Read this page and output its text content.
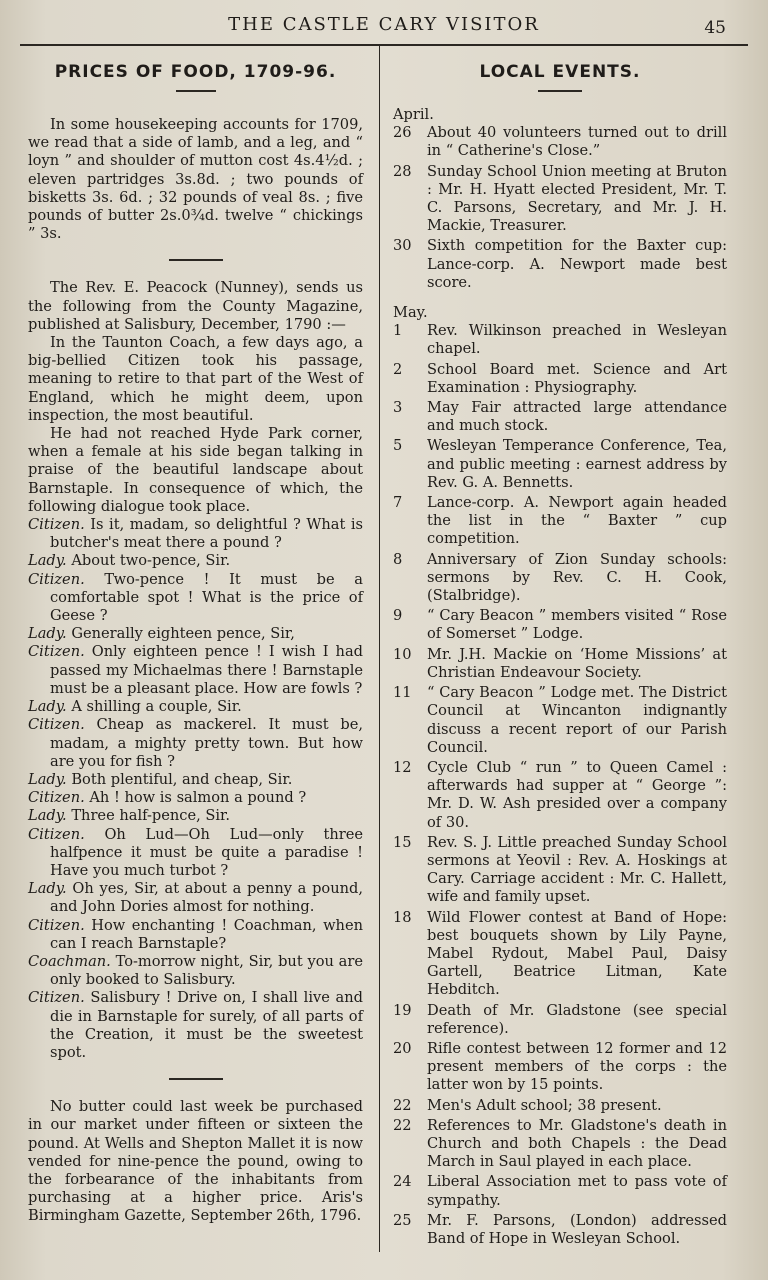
THE CASTLE CARY VISITOR	45
PRICES OF FOOD, 1709-96.

In some housekeeping accounts for 1709, we read that a side of lamb, and a leg, and “ loyn ” and shoulder of mutton cost 4s.4½d. ; eleven partridges 3s.8d. ; two pounds of bisketts 3s. 6d. ; 32 pounds of veal 8s. ; five pounds of butter 2s.0¾d. twelve “ chickings ” 3s.

The Rev. E. Peacock (Nunney), sends us the following from the County Magazine, published at Salisbury, December, 1790 :—

In the Taunton Coach, a few days ago, a big-bellied Citizen took his passage, meaning to retire to that part of the West of England, which he might deem, upon inspection, the most beautiful.

He had not reached Hyde Park corner, when a female at his side began talking in praise of the beautiful landscape about Barnstaple. In consequence of which, the following dialogue took place.

Citizen. Is it, madam, so delightful ? What is butcher's meat there a pound ?
Lady. About two-pence, Sir.
Citizen. Two-pence ! It must be a comfortable spot ! What is the price of Geese ?
Lady. Generally eighteen pence, Sir,
Citizen. Only eighteen pence ! I wish I had passed my Michaelmas there ! Barnstaple must be a pleasant place. How are fowls ?
Lady. A shilling a couple, Sir.
Citizen. Cheap as mackerel. It must be, madam, a mighty pretty town. But how are you for fish ?
Lady. Both plentiful, and cheap, Sir.
Citizen. Ah ! how is salmon a pound ?
Lady. Three half-pence, Sir.
Citizen. Oh Lud—Oh Lud—only three halfpence it must be quite a paradise ! Have you much turbot ?
Lady. Oh yes, Sir, at about a penny a pound, and John Dories almost for nothing.
Citizen. How enchanting ! Coachman, when can I reach Barnstaple?
Coachman. To-morrow night, Sir, but you are only booked to Salisbury.
Citizen. Salisbury ! Drive on, I shall live and die in Barnstaple for surely, of all parts of the Creation, it must be the sweetest spot.

No butter could last week be purchased in our market under fifteen or sixteen the pound. At Wells and Shepton Mallet it is now vended for nine-pence the pound, owing to the forbearance of the inhabitants from purchasing at a higher price. Aris's Birmingham Gazette, September 26th, 1796.

LOCAL EVENTS.
April.
26	About 40 volunteers turned out to drill in “ Catherine's Close.”
28	Sunday School Union meeting at Bruton : Mr. H. Hyatt elected President, Mr. T. C. Parsons, Secretary, and Mr. J. H. Mackie, Treasurer.
30	Sixth competition for the Baxter cup: Lance-corp. A. Newport made best score.
May.
1	Rev. Wilkinson preached in Wesleyan chapel.
2	School Board met. Science and Art Examination : Physiography.
3	May Fair attracted large attendance and much stock.
5	Wesleyan Temperance Conference, Tea, and public meeting : earnest address by Rev. G. A. Bennetts.
7	Lance-corp. A. Newport again headed the list in the “ Baxter ” cup competition.
8	Anniversary of Zion Sunday schools: sermons by Rev. C. H. Cook, (Stalbridge).
9	“ Cary Beacon ” members visited “ Rose of Somerset ” Lodge.
10	Mr. J.H. Mackie on ‘Home Missions’ at Christian Endeavour Society.
11	“ Cary Beacon ” Lodge met. The District Council at Wincanton indignantly discuss a recent report of our Parish Council.
12	Cycle Club “ run ” to Queen Camel : afterwards had supper at “ George ”: Mr. D. W. Ash presided over a company of 30.
15	Rev. S. J. Little preached Sunday School sermons at Yeovil : Rev. A. Hoskings at Cary. Carriage accident : Mr. C. Hallett, wife and family upset.
18	Wild Flower contest at Band of Hope: best bouquets shown by Lily Payne, Mabel Rydout, Mabel Paul, Daisy Gartell, Beatrice Litman, Kate Hebditch.
19	Death of Mr. Gladstone (see special reference).
20	Rifle contest between 12 former and 12 present members of the corps : the latter won by 15 points.
22	Men's Adult school; 38 present.
22	References to Mr. Gladstone's death in Church and both Chapels : the Dead March in Saul played in each place.
24	Liberal Association met to pass vote of sympathy.
25	Mr. F. Parsons, (London) addressed Band of Hope in Wesleyan School.
